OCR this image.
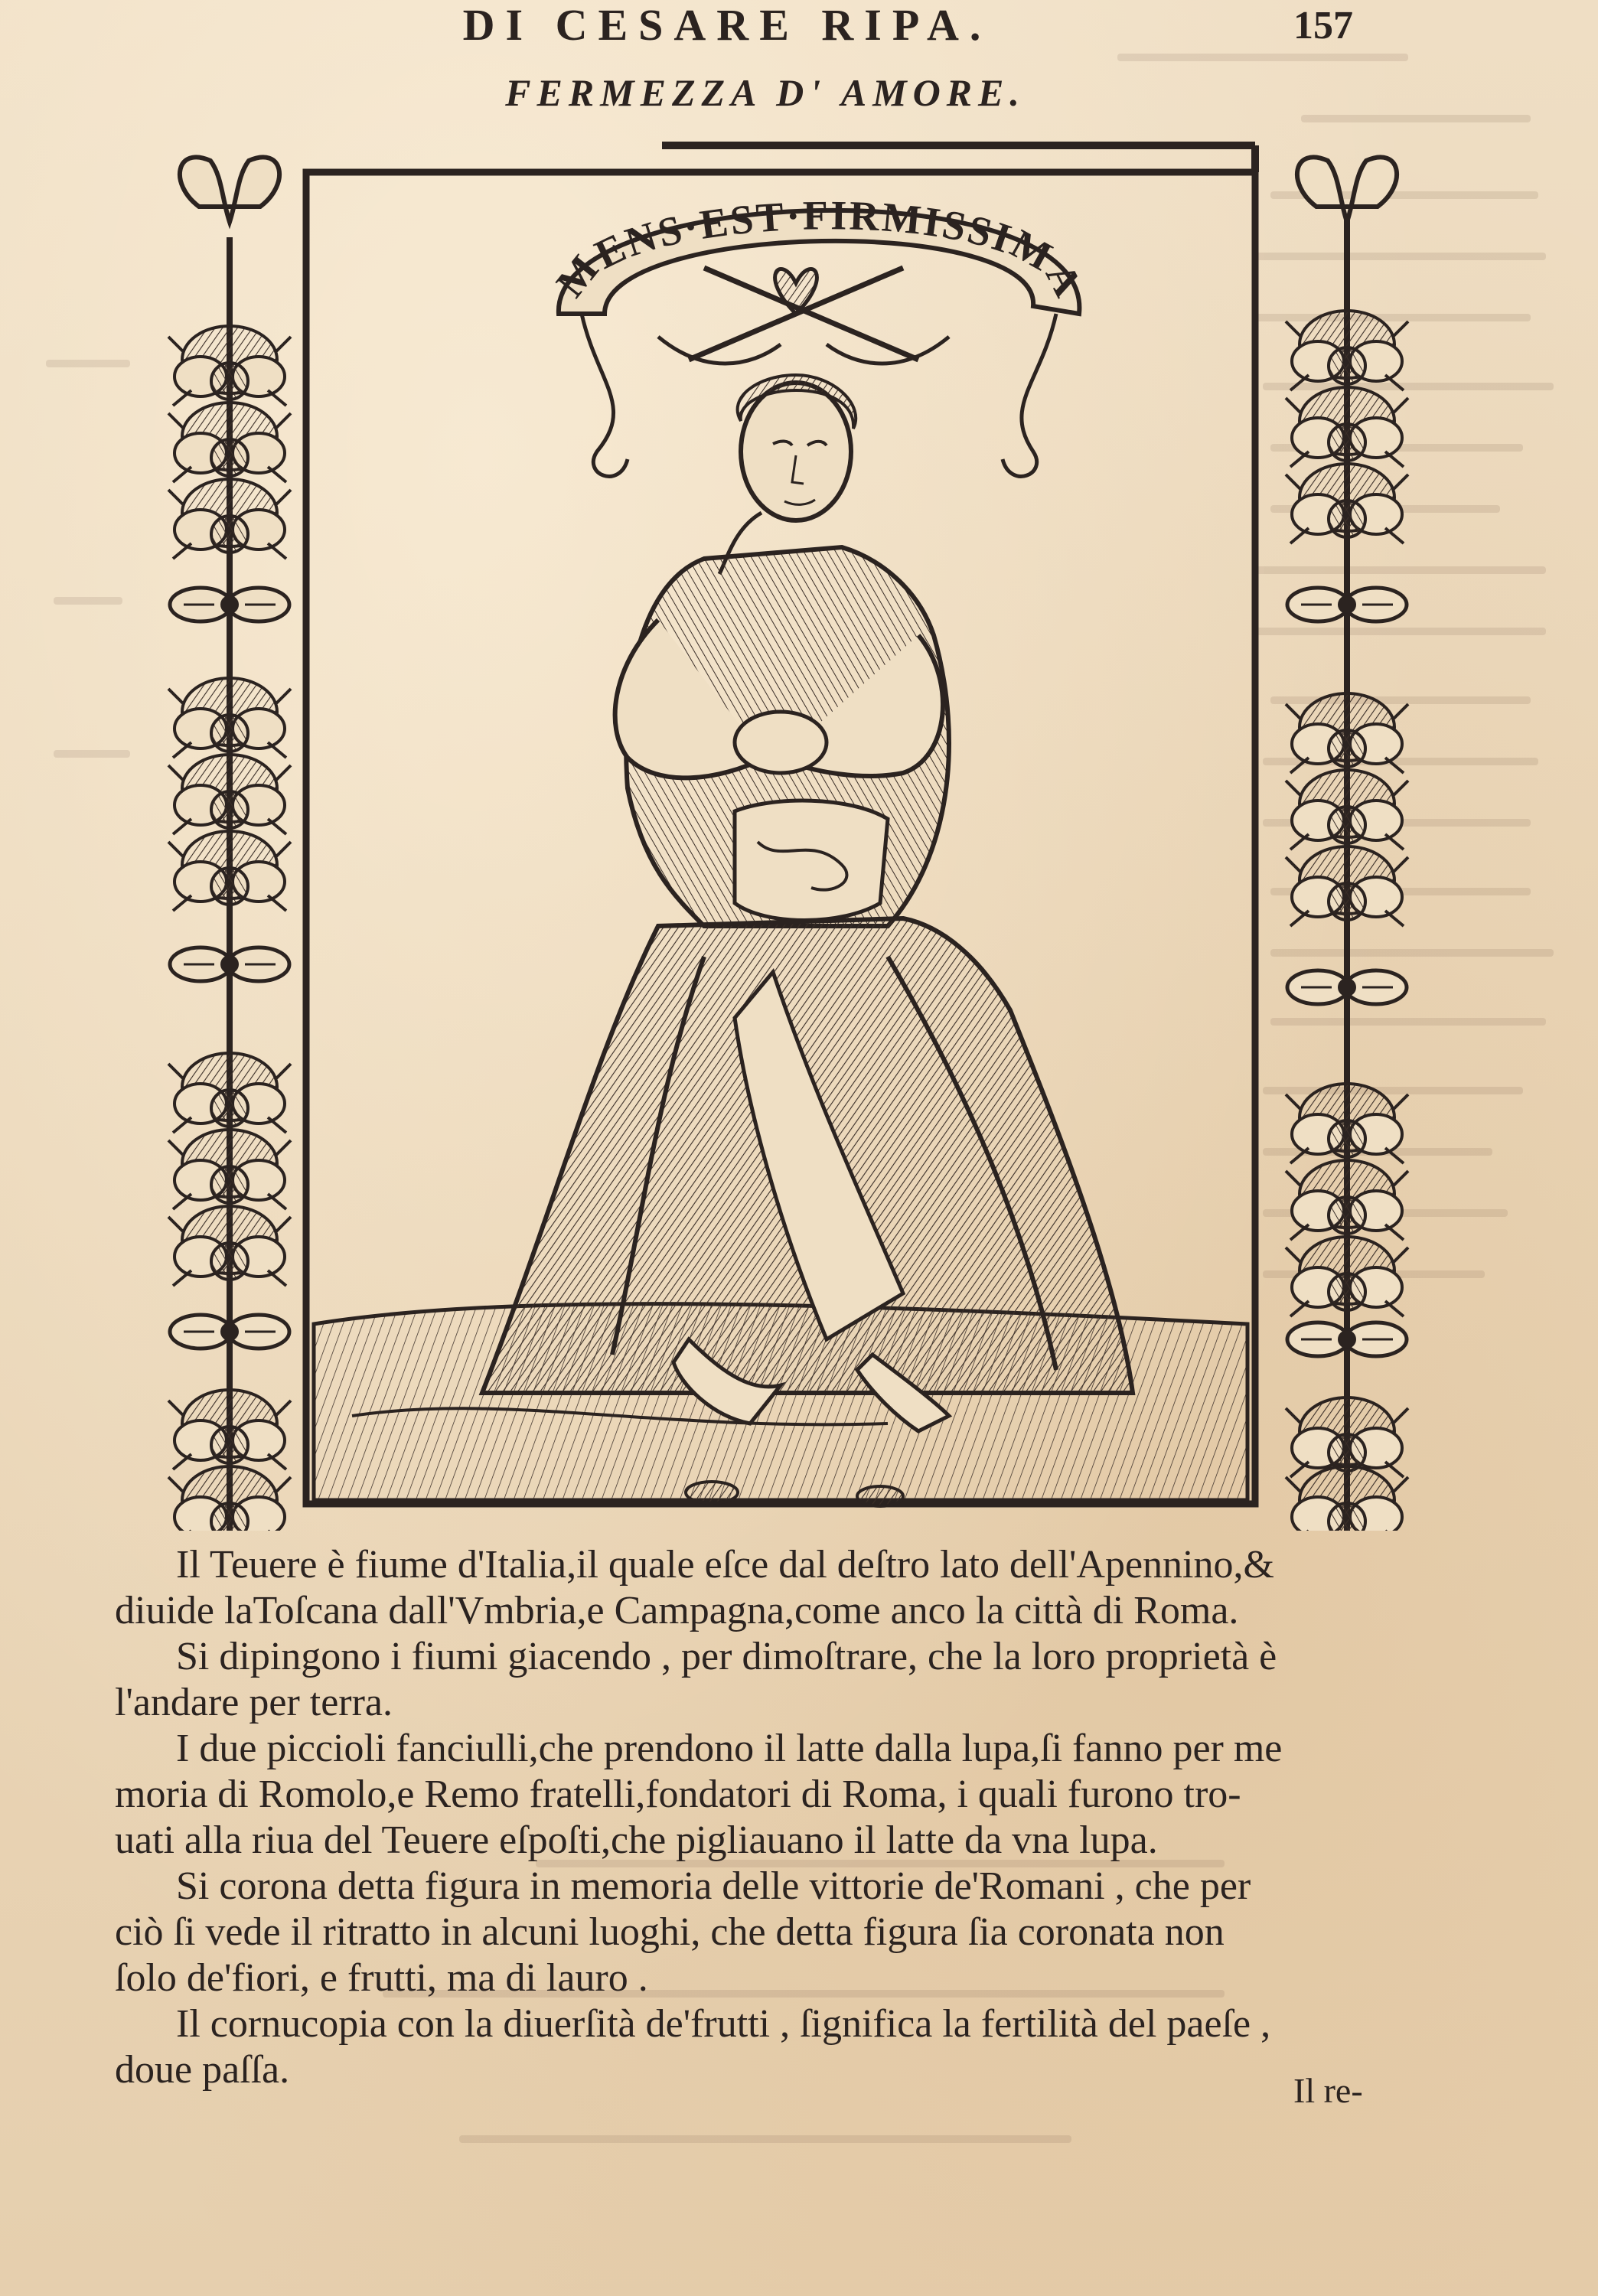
DI CESARE RIPA.	157
FERMEZZA D' AMORE.
MENS·EST·FIRMISSIMA

Il Teuere è fiume d'Italia,il quale eſce dal deſtro lato dell'Apennino,&

diuide laToſcana dall'Vmbria,e Campagna,come anco la città di Roma.

Si dipingono i fiumi giacendo , per dimoſtrare, che la loro proprietà è

l'andare per terra.

I due piccioli fanciulli,che prendono il latte dalla lupa,ſi fanno per me

moria di Romolo,e Remo fratelli,fondatori di Roma, i quali furono tro-

uati alla riua del Teuere eſpoſti,che pigliauano il latte da vna lupa.

Si corona detta figura in memoria delle vittorie de'Romani , che per

ciò ſi vede il ritratto in alcuni luoghi, che detta figura ſia coronata non

ſolo de'fiori, e frutti, ma di lauro .

Il cornucopia con la diuerſità de'frutti , ſignifica la fertilità del paeſe ,

doue paſſa.	Il re-
